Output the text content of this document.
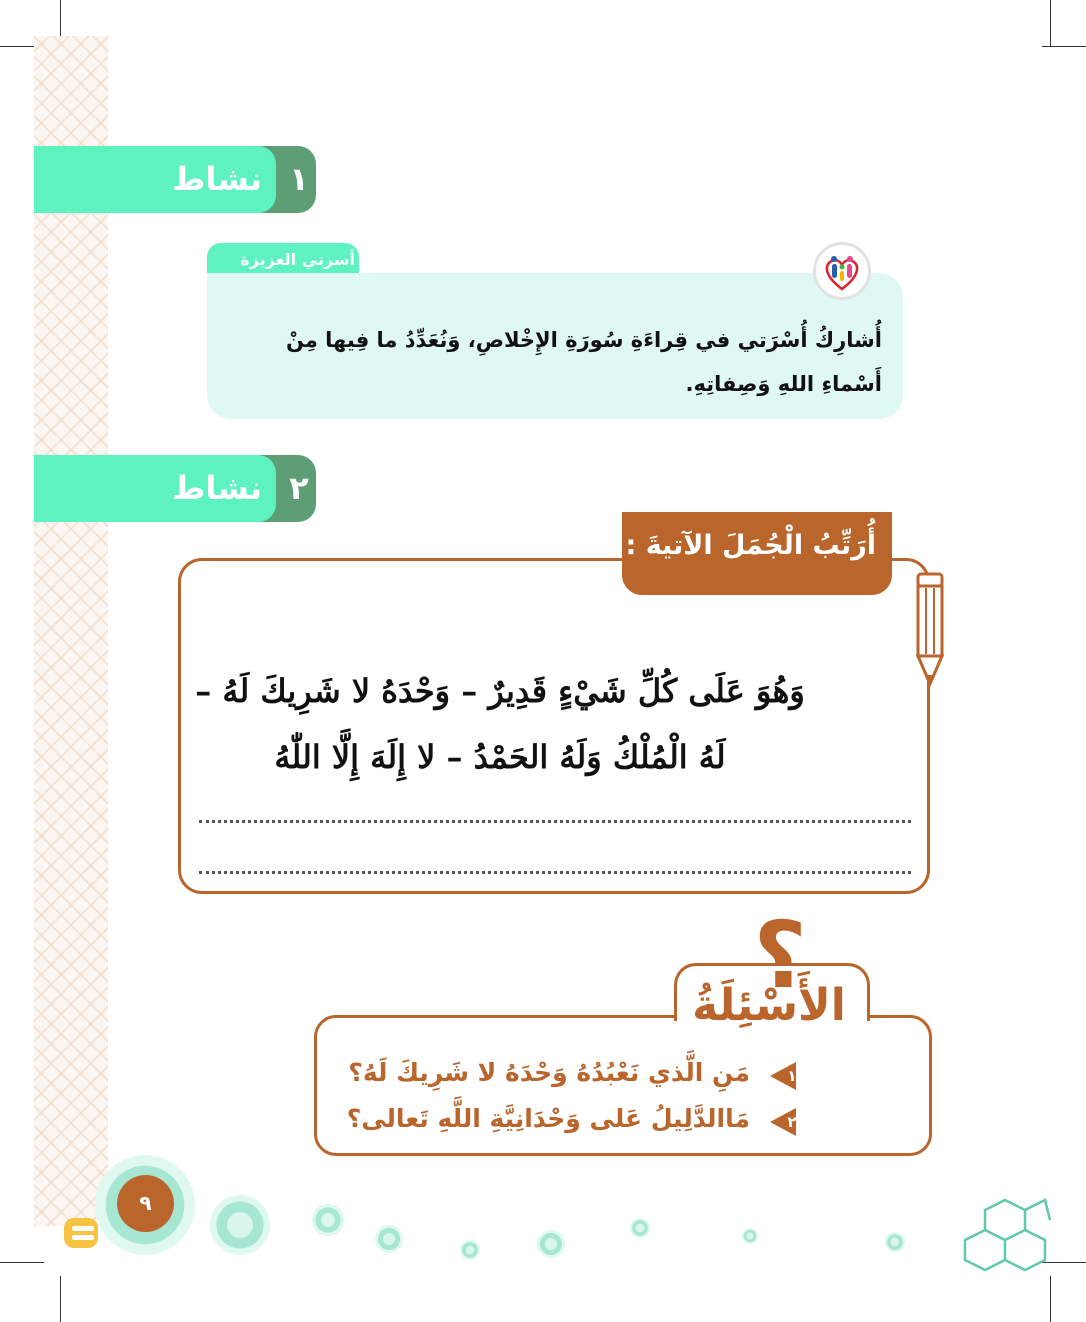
نشاط ١
أسرتي العزيزة
أُشارِكُ أُسْرَتي في قِراءَةِ سُورَةِ الإِخْلاصِ، وَنُعَدِّدُ ما فِيها مِنْ أَسْماءِ اللهِ وَصِفاتِهِ.
نشاط ٢
أُرَتِّبُ الْجُمَلَ الآتيةَ :
وَهُوَ عَلَى كُلِّ شَيْءٍ قَدِيرٌ – وَحْدَهُ لا شَرِيكَ لَهُ –
لَهُ الْمُلْكُ وَلَهُ الحَمْدُ – لا إِلَهَ إِلَّا اللّٰهُ
؟
الأَسْئِلَةُ
١
مَنِ الَّذي نَعْبُدُهُ وَحْدَهُ لا شَرِيكَ لَهُ؟
٢
مَاالدَّلِيلُ عَلى وَحْدَانِيَّةِ اللَّهِ تَعالى؟
٩
